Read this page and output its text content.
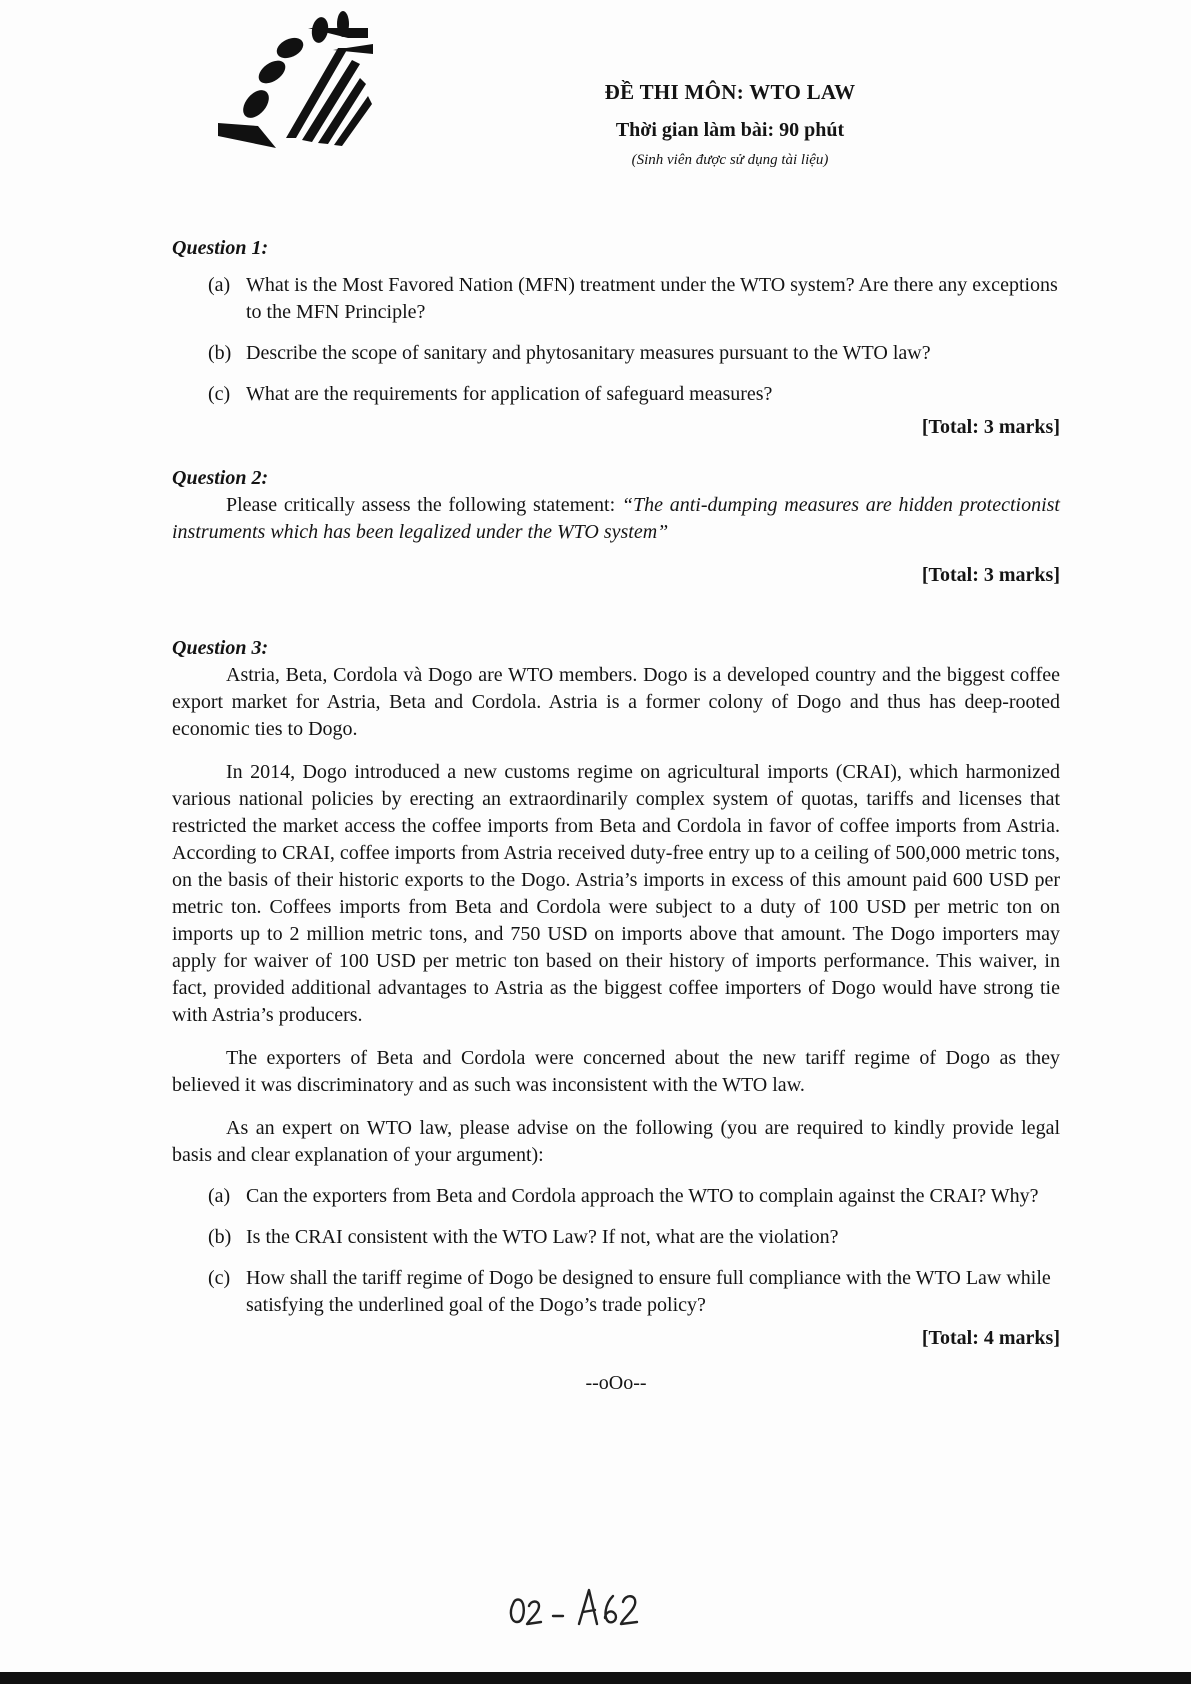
ĐỀ THI MÔN: WTO LAW
Thời gian làm bài: 90 phút
(Sinh viên được sử dụng tài liệu)

Question 1:

(a) What is the Most Favored Nation (MFN) treatment under the WTO system? Are there any exceptions to the MFN Principle?
(b) Describe the scope of sanitary and phytosanitary measures pursuant to the WTO law?
(c) What are the requirements for application of safeguard measures?

[Total: 3 marks]

Question 2:

Please critically assess the following statement: “The anti-dumping measures are hidden protectionist instruments which has been legalized under the WTO system”

[Total: 3 marks]

Question 3:

Astria, Beta, Cordola và Dogo are WTO members. Dogo is a developed country and the biggest coffee export market for Astria, Beta and Cordola. Astria is a former colony of Dogo and thus has deep-rooted economic ties to Dogo.

In 2014, Dogo introduced a new customs regime on agricultural imports (CRAI), which harmonized various national policies by erecting an extraordinarily complex system of quotas, tariffs and licenses that restricted the market access the coffee imports from Beta and Cordola in favor of coffee imports from Astria. According to CRAI, coffee imports from Astria received duty-free entry up to a ceiling of 500,000 metric tons, on the basis of their historic exports to the Dogo. Astria’s imports in excess of this amount paid 600 USD per metric ton. Coffees imports from Beta and Cordola were subject to a duty of 100 USD per metric ton on imports up to 2 million metric tons, and 750 USD on imports above that amount. The Dogo importers may apply for waiver of 100 USD per metric ton based on their history of imports performance. This waiver, in fact, provided additional advantages to Astria as the biggest coffee importers of Dogo would have strong tie with Astria’s producers.

The exporters of Beta and Cordola were concerned about the new tariff regime of Dogo as they believed it was discriminatory and as such was inconsistent with the WTO law.

As an expert on WTO law, please advise on the following (you are required to kindly provide legal basis and clear explanation of your argument):

(a) Can the exporters from Beta and Cordola approach the WTO to complain against the CRAI? Why?
(b) Is the CRAI consistent with the WTO Law? If not, what are the violation?
(c) How shall the tariff regime of Dogo be designed to ensure full compliance with the WTO Law while satisfying the underlined goal of the Dogo’s trade policy?

[Total: 4 marks]

--oOo--
